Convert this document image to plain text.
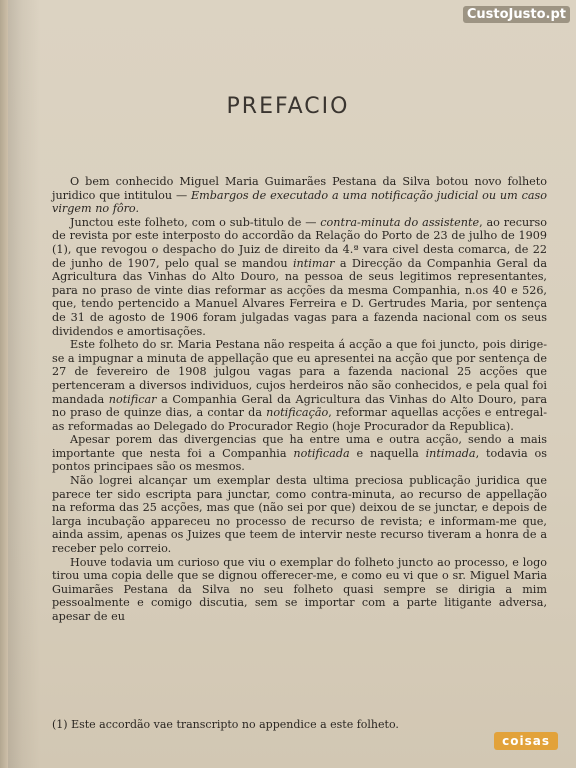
CustoJusto.pt
PREFACIO

O bem conhecido Miguel Maria Guimarães Pestana da Silva botou novo folheto juridico que intitulou — Embargos de executado a uma notificação judicial ou um caso virgem no fôro.

Junctou este folheto, com o sub-titulo de — contra-minuta do assistente, ao recurso de revista por este interposto do accordão da Relação do Porto de 23 de julho de 1909 (1), que revogou o despacho do Juiz de direito da 4.ª vara civel desta comarca, de 22 de junho de 1907, pelo qual se mandou intimar a Direcção da Companhia Geral da Agricultura das Vinhas do Alto Douro, na pessoa de seus legitimos representantes, para no praso de vinte dias reformar as acções da mesma Companhia, n.os 40 e 526, que, tendo pertencido a Manuel Alvares Ferreira e D. Gertrudes Maria, por sentença de 31 de agosto de 1906 foram julgadas vagas para a fazenda nacional com os seus dividendos e amortisações.

Este folheto do sr. Maria Pestana não respeita á acção a que foi juncto, pois dirige-se a impugnar a minuta de appellação que eu apresentei na acção que por sentença de 27 de fevereiro de 1908 julgou vagas para a fazenda nacional 25 acções que pertenceram a diversos individuos, cujos herdeiros não são conhecidos, e pela qual foi mandada notificar a Companhia Geral da Agricultura das Vinhas do Alto Douro, para no praso de quinze dias, a contar da notificação, reformar aquellas acções e entregal-as reformadas ao Delegado do Procurador Regio (hoje Procurador da Republica).

Apesar porem das divergencias que ha entre uma e outra acção, sendo a mais importante que nesta foi a Companhia notificada e naquella intimada, todavia os pontos principaes são os mesmos.

Não logrei alcançar um exemplar desta ultima preciosa publicação juridica que parece ter sido escripta para junctar, como contra-minuta, ao recurso de appellação na reforma das 25 acções, mas que (não sei por que) deixou de se junctar, e depois de larga incubação appareceu no processo de recurso de revista; e informam-me que, ainda assim, apenas os Juizes que teem de intervir neste recurso tiveram a honra de a receber pelo correio.

Houve todavia um curioso que viu o exemplar do folheto juncto ao processo, e logo tirou uma copia delle que se dignou offerecer-me, e como eu vi que o sr. Miguel Maria Guimarães Pestana da Silva no seu folheto quasi sempre se dirigia a mim pessoalmente e comigo discutia, sem se importar com a parte litigante adversa, apesar de eu

(1) Este accordão vae transcripto no appendice a este folheto.
coisas
